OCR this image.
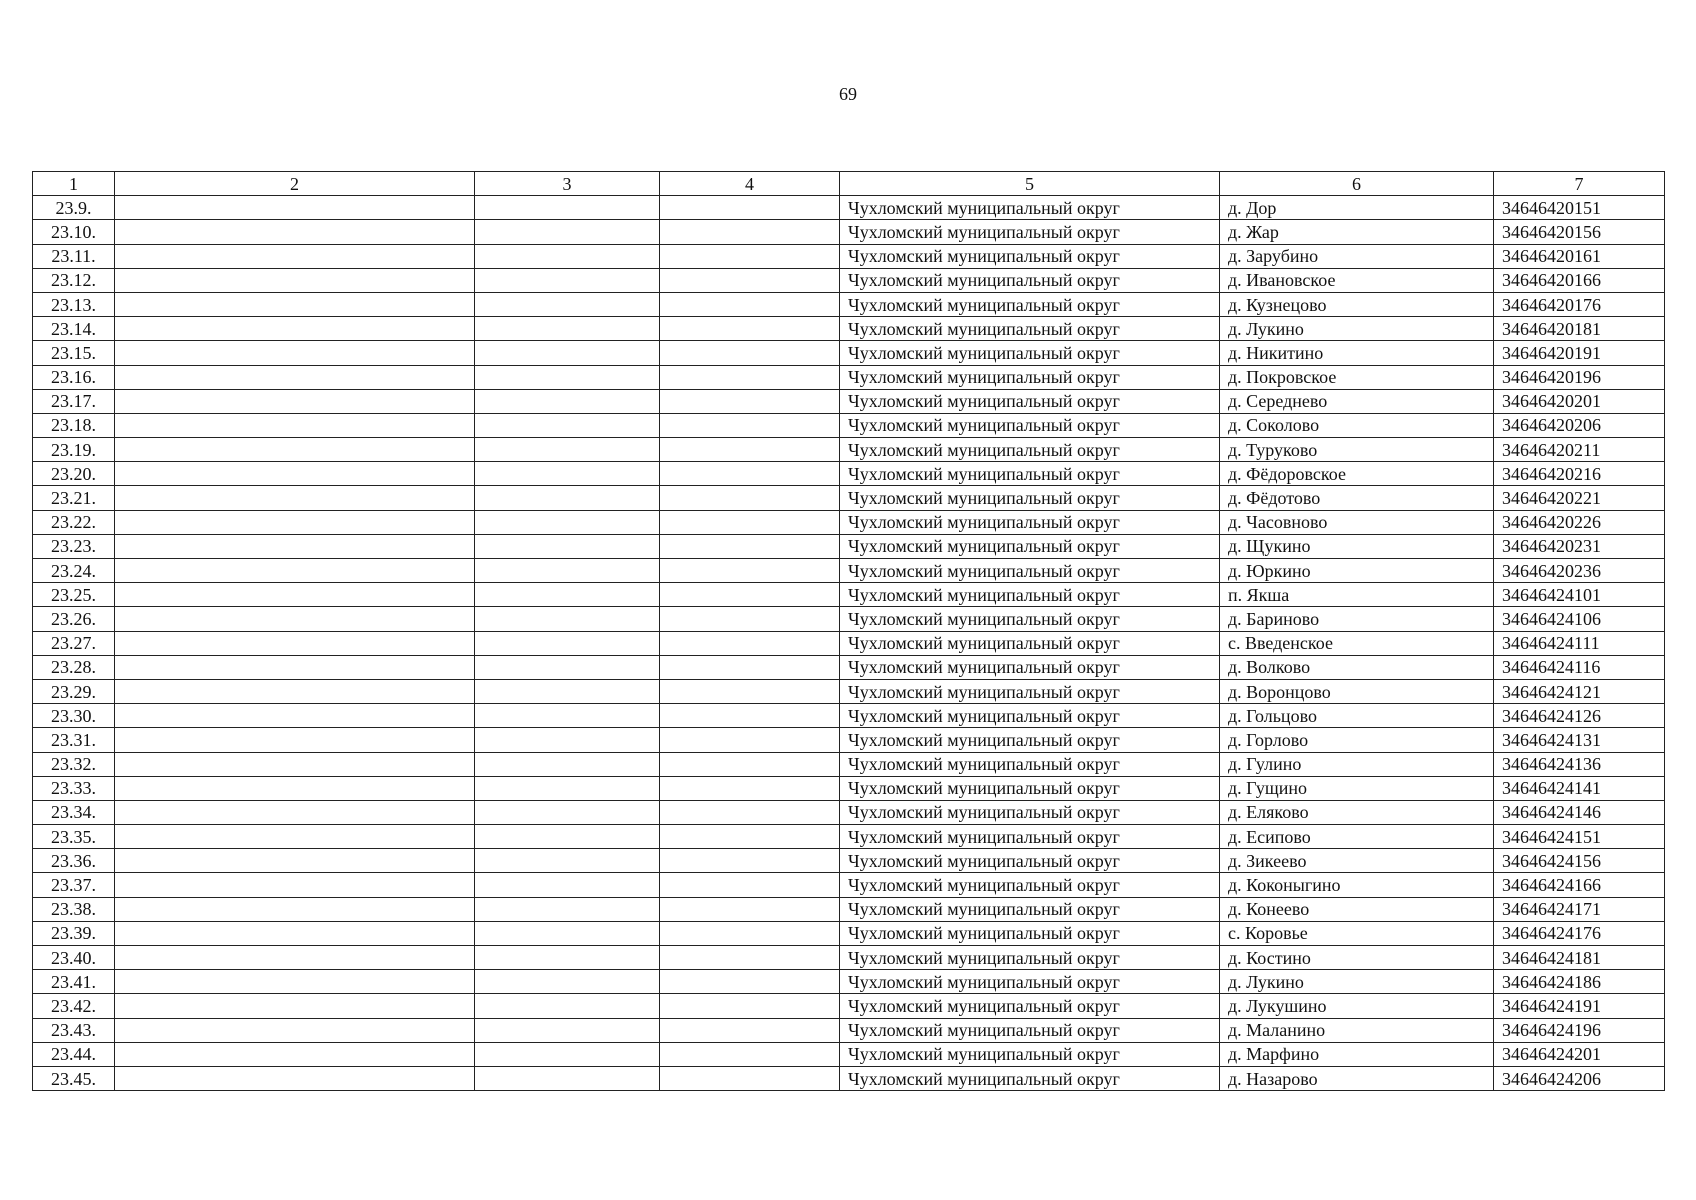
69
1	2	3	4	5	6	7
23.9.				Чухломский муниципальный округ	д. Дор	34646420151
23.10.				Чухломский муниципальный округ	д. Жар	34646420156
23.11.				Чухломский муниципальный округ	д. Зарубино	34646420161
23.12.				Чухломский муниципальный округ	д. Ивановское	34646420166
23.13.				Чухломский муниципальный округ	д. Кузнецово	34646420176
23.14.				Чухломский муниципальный округ	д. Лукино	34646420181
23.15.				Чухломский муниципальный округ	д. Никитино	34646420191
23.16.				Чухломский муниципальный округ	д. Покровское	34646420196
23.17.				Чухломский муниципальный округ	д. Середнево	34646420201
23.18.				Чухломский муниципальный округ	д. Соколово	34646420206
23.19.				Чухломский муниципальный округ	д. Туруково	34646420211
23.20.				Чухломский муниципальный округ	д. Фёдоровское	34646420216
23.21.				Чухломский муниципальный округ	д. Фёдотово	34646420221
23.22.				Чухломский муниципальный округ	д. Часовново	34646420226
23.23.				Чухломский муниципальный округ	д. Щукино	34646420231
23.24.				Чухломский муниципальный округ	д. Юркино	34646420236
23.25.				Чухломский муниципальный округ	п. Якша	34646424101
23.26.				Чухломский муниципальный округ	д. Бариново	34646424106
23.27.				Чухломский муниципальный округ	с. Введенское	34646424111
23.28.				Чухломский муниципальный округ	д. Волково	34646424116
23.29.				Чухломский муниципальный округ	д. Воронцово	34646424121
23.30.				Чухломский муниципальный округ	д. Гольцово	34646424126
23.31.				Чухломский муниципальный округ	д. Горлово	34646424131
23.32.				Чухломский муниципальный округ	д. Гулино	34646424136
23.33.				Чухломский муниципальный округ	д. Гущино	34646424141
23.34.				Чухломский муниципальный округ	д. Еляково	34646424146
23.35.				Чухломский муниципальный округ	д. Есипово	34646424151
23.36.				Чухломский муниципальный округ	д. Зикеево	34646424156
23.37.				Чухломский муниципальный округ	д. Коконыгино	34646424166
23.38.				Чухломский муниципальный округ	д. Конеево	34646424171
23.39.				Чухломский муниципальный округ	с. Коровье	34646424176
23.40.				Чухломский муниципальный округ	д. Костино	34646424181
23.41.				Чухломский муниципальный округ	д. Лукино	34646424186
23.42.				Чухломский муниципальный округ	д. Лукушино	34646424191
23.43.				Чухломский муниципальный округ	д. Маланино	34646424196
23.44.				Чухломский муниципальный округ	д. Марфино	34646424201
23.45.				Чухломский муниципальный округ	д. Назарово	34646424206
